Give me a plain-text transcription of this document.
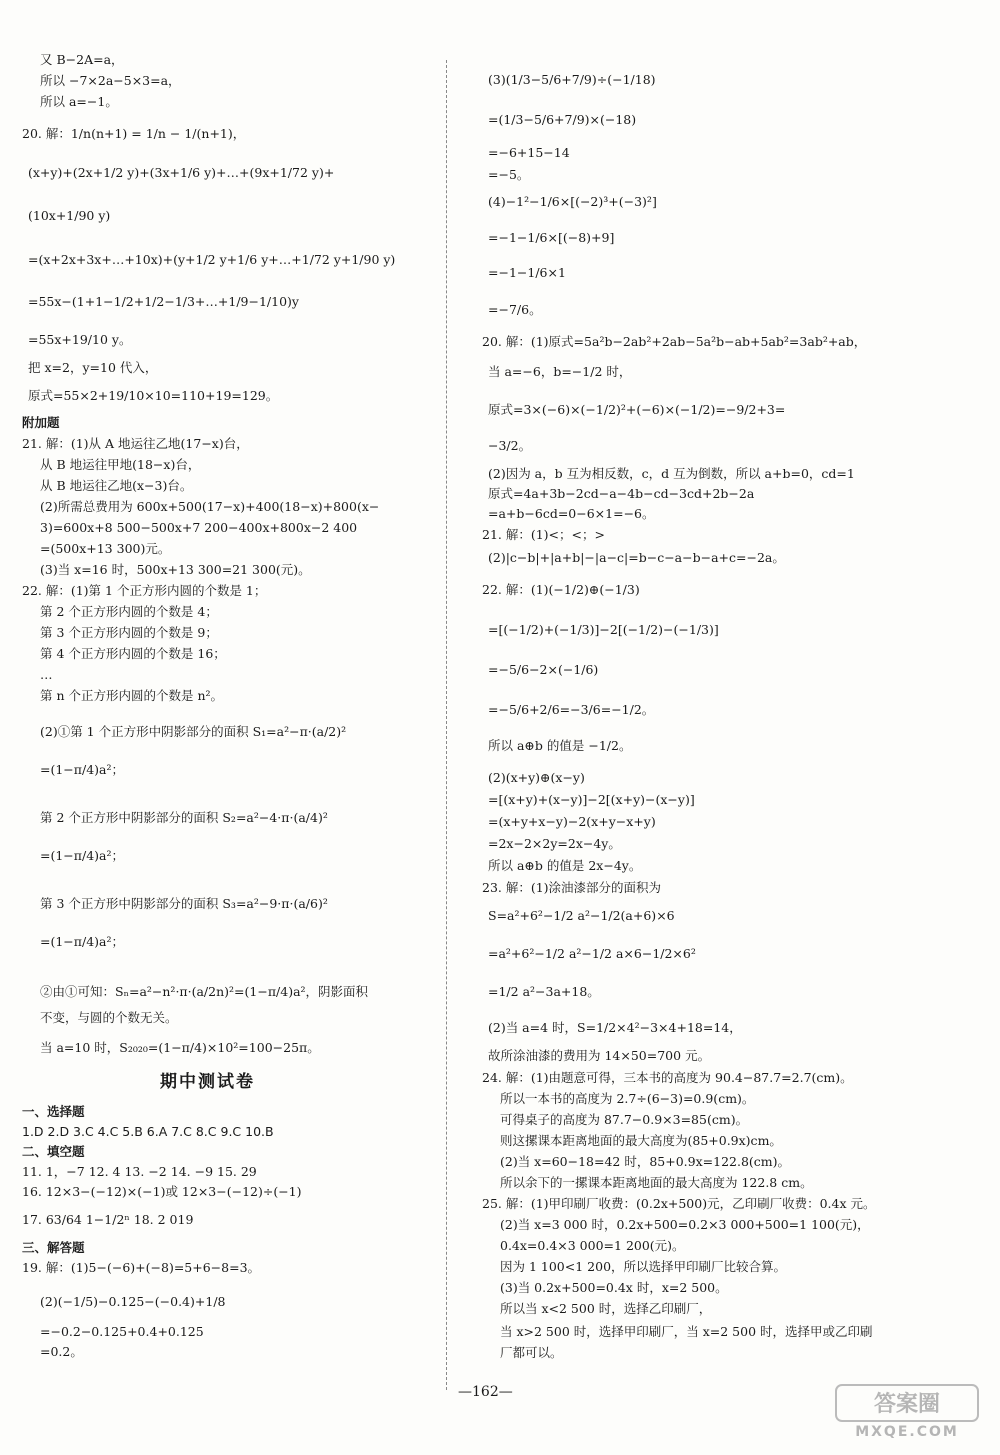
又 B−2A=a，
所以 −7×2a−5×3=a，
所以 a=−1。
20. 解：1/n(n+1) = 1/n − 1/(n+1)，
(x+y)+(2x+1/2 y)+(3x+1/6 y)+…+(9x+1/72 y)+
(10x+1/90 y)
=(x+2x+3x+…+10x)+(y+1/2 y+1/6 y+…+1/72 y+1/90 y)
=55x−(1+1−1/2+1/2−1/3+…+1/9−1/10)y
=55x+19/10 y。
把 x=2，y=10 代入，
原式=55×2+19/10×10=110+19=129。
附加题
21. 解：(1)从 A 地运往乙地(17−x)台，
从 B 地运往甲地(18−x)台，
从 B 地运往乙地(x−3)台。
(2)所需总费用为 600x+500(17−x)+400(18−x)+800(x−
3)=600x+8 500−500x+7 200−400x+800x−2 400
=(500x+13 300)元。
(3)当 x=16 时，500x+13 300=21 300(元)。
22. 解：(1)第 1 个正方形内圆的个数是 1；
第 2 个正方形内圆的个数是 4；
第 3 个正方形内圆的个数是 9；
第 4 个正方形内圆的个数是 16；
…
第 n 个正方形内圆的个数是 n²。
(2)①第 1 个正方形中阴影部分的面积 S₁=a²−π·(a/2)²
=(1−π/4)a²；
第 2 个正方形中阴影部分的面积 S₂=a²−4·π·(a/4)²
=(1−π/4)a²；
第 3 个正方形中阴影部分的面积 S₃=a²−9·π·(a/6)²
=(1−π/4)a²；
②由①可知：Sₙ=a²−n²·π·(a/2n)²=(1−π/4)a²，阴影面积
不变，与圆的个数无关。
当 a=10 时，S₂₀₂₀=(1−π/4)×10²=100−25π。
期中测试卷
一、选择题
1.D 2.D 3.C 4.C 5.B 6.A 7.C 8.C 9.C 10.B
二、填空题
11. 1，−7 12. 4 13. −2 14. −9 15. 29
16. 12×3−(−12)×(−1)或 12×3−(−12)÷(−1)
17. 63/64 1−1/2ⁿ 18. 2 019
三、解答题
19. 解：(1)5−(−6)+(−8)=5+6−8=3。
(2)(−1/5)−0.125−(−0.4)+1/8
=−0.2−0.125+0.4+0.125
=0.2。
(3)(1/3−5/6+7/9)÷(−1/18)
=(1/3−5/6+7/9)×(−18)
=−6+15−14
=−5。
(4)−1²−1/6×[(−2)³+(−3)²]
=−1−1/6×[(−8)+9]
=−1−1/6×1
=−7/6。
20. 解：(1)原式=5a²b−2ab²+2ab−5a²b−ab+5ab²=3ab²+ab，
当 a=−6，b=−1/2 时，
原式=3×(−6)×(−1/2)²+(−6)×(−1/2)=−9/2+3=
−3/2。
(2)因为 a，b 互为相反数，c，d 互为倒数，所以 a+b=0，cd=1
原式=4a+3b−2cd−a−4b−cd−3cd+2b−2a
=a+b−6cd=0−6×1=−6。
21. 解：(1)<；<；>
(2)|c−b|+|a+b|−|a−c|=b−c−a−b−a+c=−2a。
22. 解：(1)(−1/2)⊕(−1/3)
=[(−1/2)+(−1/3)]−2[(−1/2)−(−1/3)]
=−5/6−2×(−1/6)
=−5/6+2/6=−3/6=−1/2。
所以 a⊕b 的值是 −1/2。
(2)(x+y)⊕(x−y)
=[(x+y)+(x−y)]−2[(x+y)−(x−y)]
=(x+y+x−y)−2(x+y−x+y)
=2x−2×2y=2x−4y。
所以 a⊕b 的值是 2x−4y。
23. 解：(1)涂油漆部分的面积为
S=a²+6²−1/2 a²−1/2(a+6)×6
=a²+6²−1/2 a²−1/2 a×6−1/2×6²
=1/2 a²−3a+18。
(2)当 a=4 时，S=1/2×4²−3×4+18=14，
故所涂油漆的费用为 14×50=700 元。
24. 解：(1)由题意可得，三本书的高度为 90.4−87.7=2.7(cm)。
所以一本书的高度为 2.7÷(6−3)=0.9(cm)。
可得桌子的高度为 87.7−0.9×3=85(cm)。
则这摞课本距离地面的最大高度为(85+0.9x)cm。
(2)当 x=60−18=42 时，85+0.9x=122.8(cm)。
所以余下的一摞课本距离地面的最大高度为 122.8 cm。
25. 解：(1)甲印刷厂收费：(0.2x+500)元，乙印刷厂收费：0.4x 元。
(2)当 x=3 000 时，0.2x+500=0.2×3 000+500=1 100(元)，
0.4x=0.4×3 000=1 200(元)。
因为 1 100<1 200，所以选择甲印刷厂比较合算。
(3)当 0.2x+500=0.4x 时，x=2 500。
所以当 x<2 500 时，选择乙印刷厂，
当 x>2 500 时，选择甲印刷厂，当 x=2 500 时，选择甲或乙印刷
厂都可以。
—162—	答案圈
MXQE.COM
